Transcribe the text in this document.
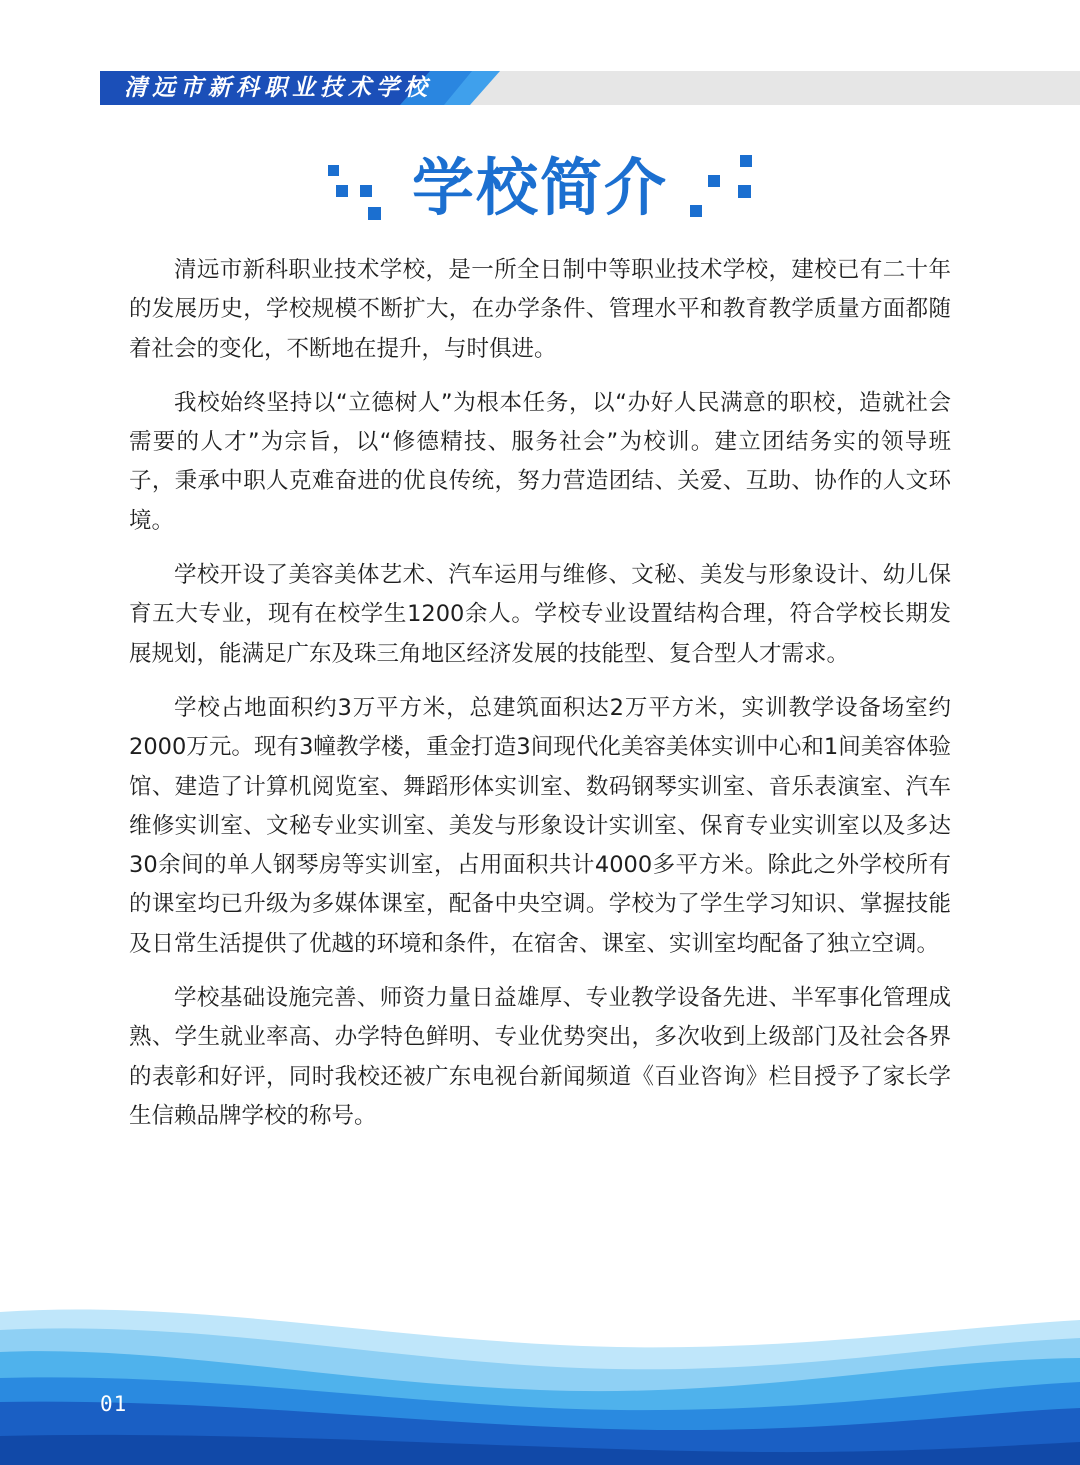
清远市新科职业技术学校
学校简介

清远市新科职业技术学校，是一所全日制中等职业技术学校，建校已有二十年的发展历史，学校规模不断扩大，在办学条件、管理水平和教育教学质量方面都随着社会的变化，不断地在提升，与时俱进。

我校始终坚持以“立德树人”为根本任务，以“办好人民满意的职校，造就社会需要的人才”为宗旨，以“修德精技、服务社会”为校训。建立团结务实的领导班子，秉承中职人克难奋进的优良传统，努力营造团结、关爱、互助、协作的人文环境。

学校开设了美容美体艺术、汽车运用与维修、文秘、美发与形象设计、幼儿保育五大专业，现有在校学生1200余人。学校专业设置结构合理，符合学校长期发展规划，能满足广东及珠三角地区经济发展的技能型、复合型人才需求。

学校占地面积约3万平方米，总建筑面积达2万平方米，实训教学设备场室约2000万元。现有3幢教学楼，重金打造3间现代化美容美体实训中心和1间美容体验馆、建造了计算机阅览室、舞蹈形体实训室、数码钢琴实训室、音乐表演室、汽车维修实训室、文秘专业实训室、美发与形象设计实训室、保育专业实训室以及多达30余间的单人钢琴房等实训室，占用面积共计4000多平方米。除此之外学校所有的课室均已升级为多媒体课室，配备中央空调。学校为了学生学习知识、掌握技能及日常生活提供了优越的环境和条件，在宿舍、课室、实训室均配备了独立空调。

学校基础设施完善、师资力量日益雄厚、专业教学设备先进、半军事化管理成熟、学生就业率高、办学特色鲜明、专业优势突出，多次收到上级部门及社会各界的表彰和好评，同时我校还被广东电视台新闻频道《百业咨询》栏目授予了家长学生信赖品牌学校的称号。

01
